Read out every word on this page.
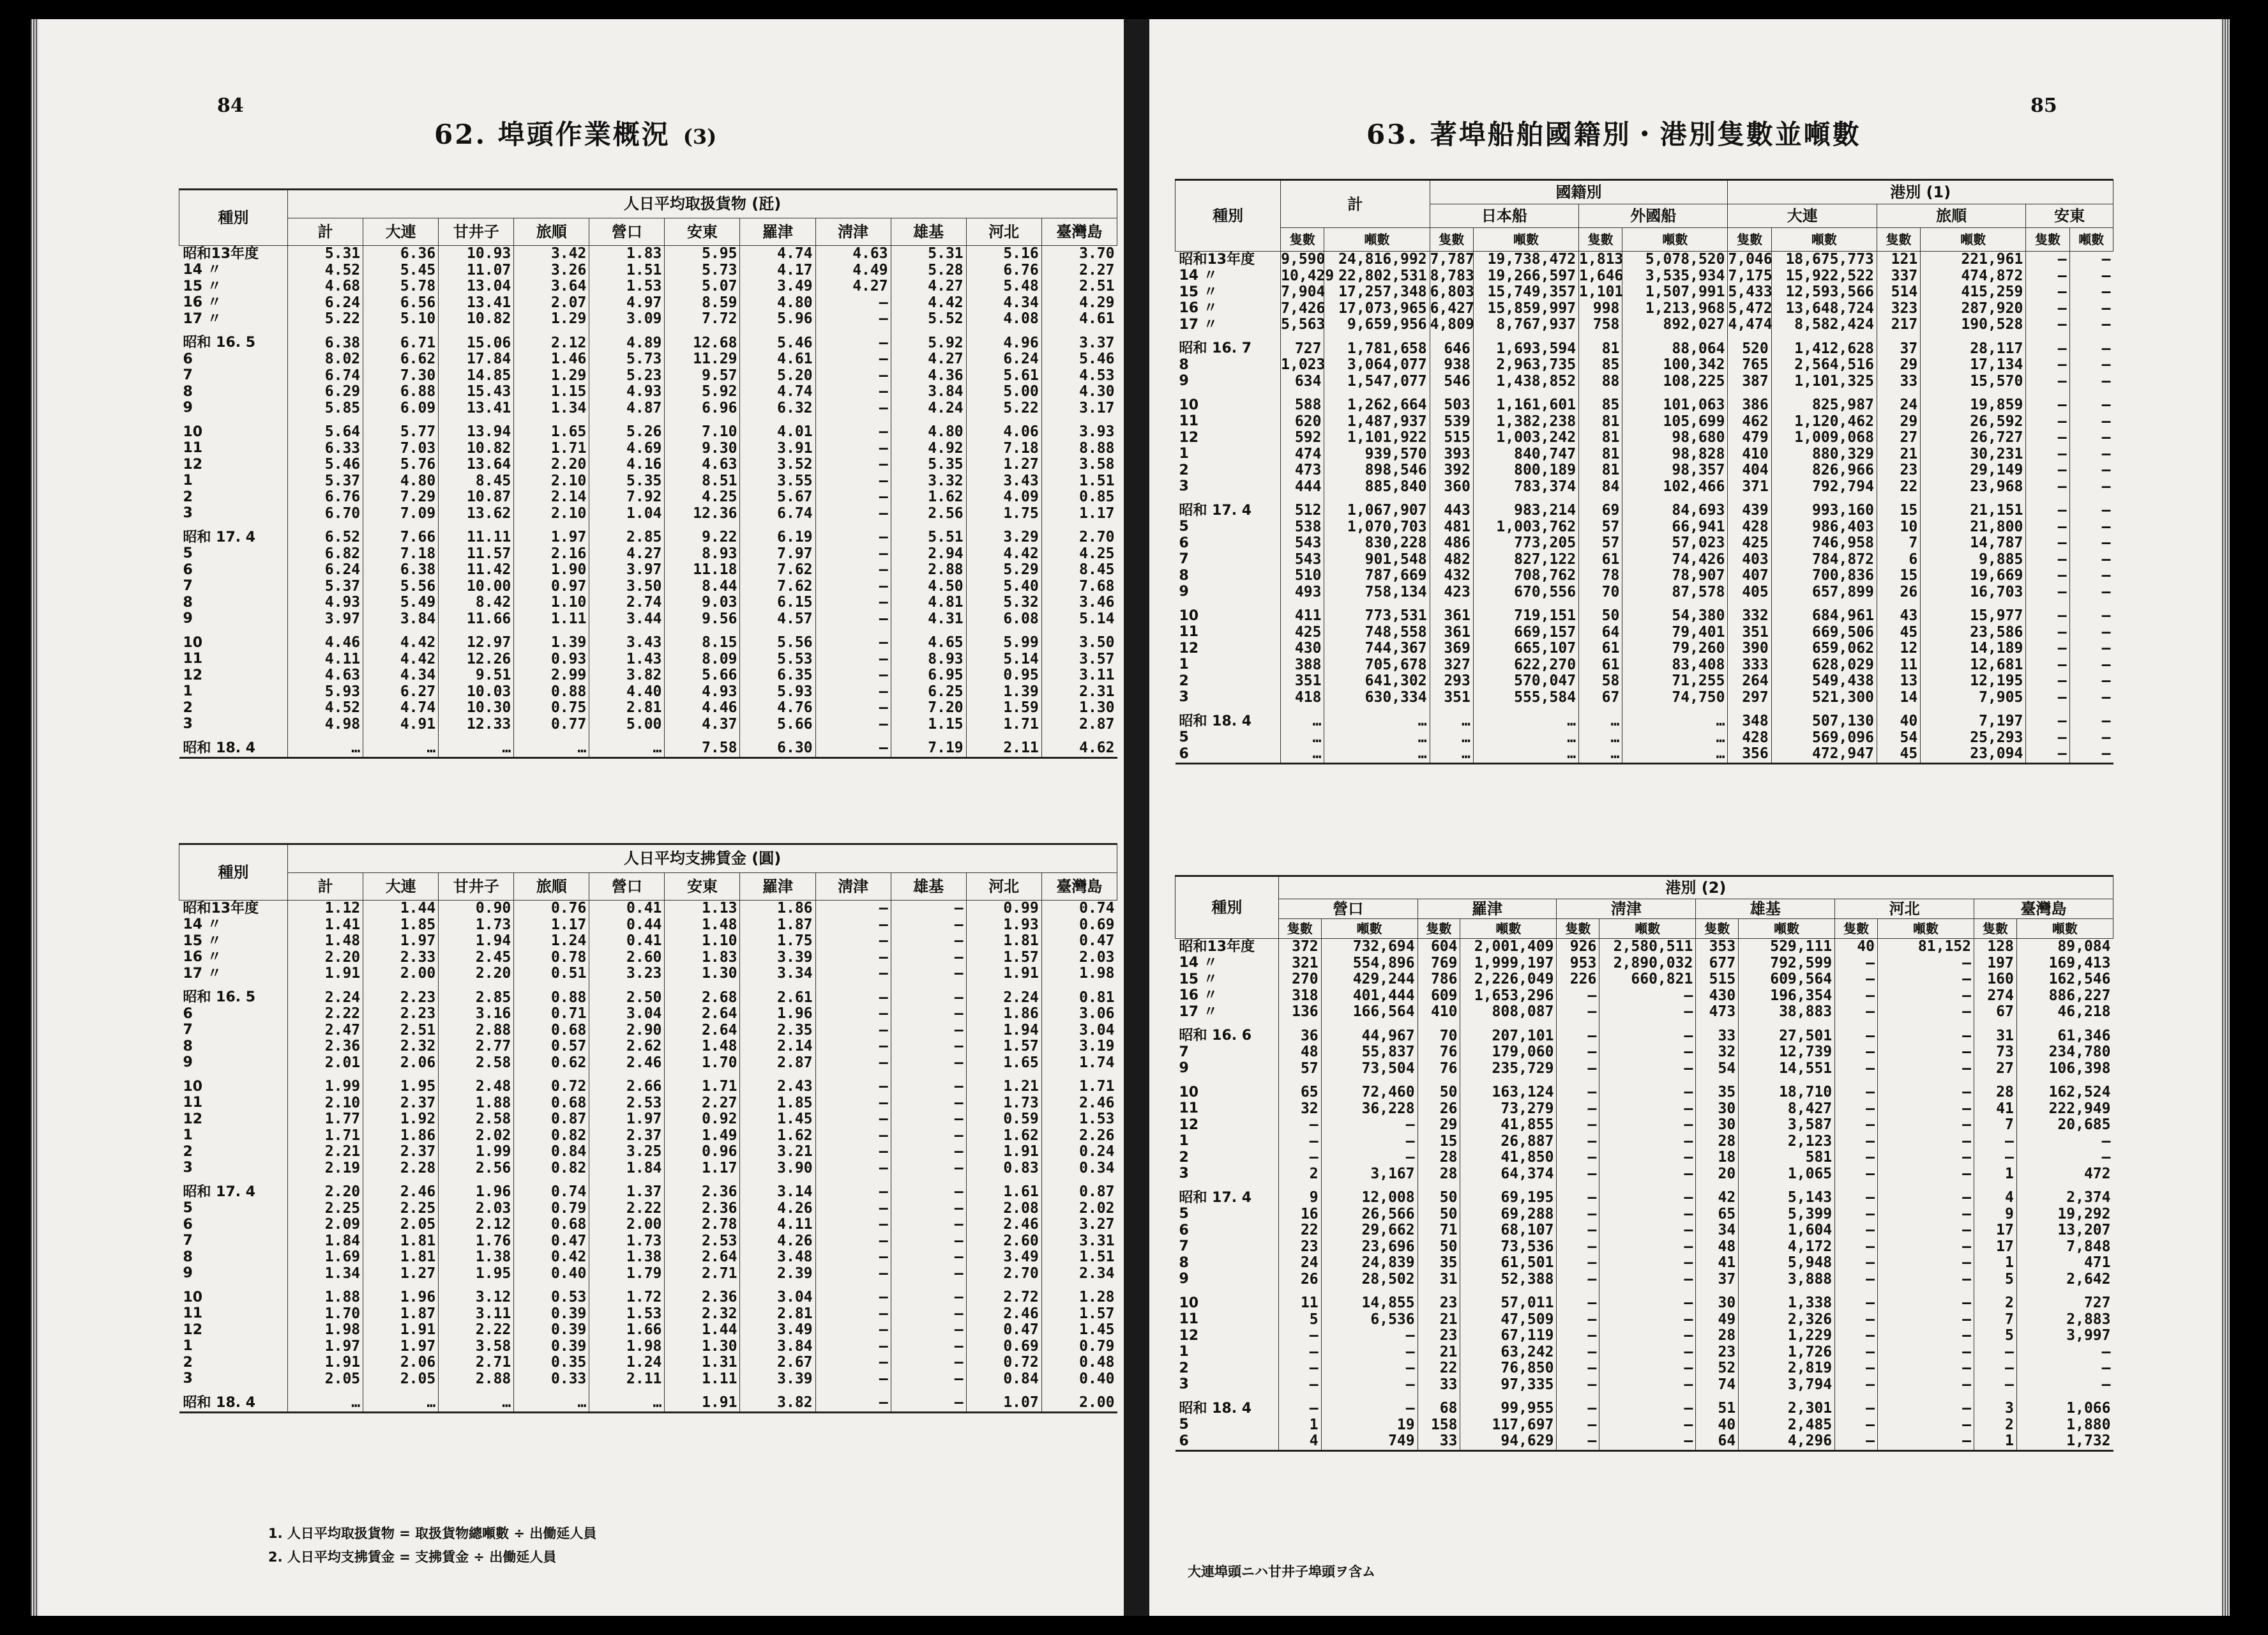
84
62. 埠頭作業概況 (3)
種別	人日平均取扱貨物 (瓩)										
	計	大連	甘井子	旅順	營口	安東	羅津	淸津	雄基	河北	臺灣島
昭和13年度	5.31	6.36	10.93	3.42	1.83	5.95	4.74	4.63	5.31	5.16	3.70
14 〃	4.52	5.45	11.07	3.26	1.51	5.73	4.17	4.49	5.28	6.76	2.27
15 〃	4.68	5.78	13.04	3.64	1.53	5.07	3.49	4.27	4.27	5.48	2.51
16 〃	6.24	6.56	13.41	2.07	4.97	8.59	4.80	—	4.42	4.34	4.29
17 〃	5.22	5.10	10.82	1.29	3.09	7.72	5.96	—	5.52	4.08	4.61

昭和 16. 5	6.38	6.71	15.06	2.12	4.89	12.68	5.46	—	5.92	4.96	3.37
6	8.02	6.62	17.84	1.46	5.73	11.29	4.61	—	4.27	6.24	5.46
7	6.74	7.30	14.85	1.29	5.23	9.57	5.20	—	4.36	5.61	4.53
8	6.29	6.88	15.43	1.15	4.93	5.92	4.74	—	3.84	5.00	4.30
9	5.85	6.09	13.41	1.34	4.87	6.96	6.32	—	4.24	5.22	3.17

10	5.64	5.77	13.94	1.65	5.26	7.10	4.01	—	4.80	4.06	3.93
11	6.33	7.03	10.82	1.71	4.69	9.30	3.91	—	4.92	7.18	8.88
12	5.46	5.76	13.64	2.20	4.16	4.63	3.52	—	5.35	1.27	3.58
1	5.37	4.80	8.45	2.10	5.35	8.51	3.55	—	3.32	3.43	1.51
2	6.76	7.29	10.87	2.14	7.92	4.25	5.67	—	1.62	4.09	0.85
3	6.70	7.09	13.62	2.10	1.04	12.36	6.74	—	2.56	1.75	1.17

昭和 17. 4	6.52	7.66	11.11	1.97	2.85	9.22	6.19	—	5.51	3.29	2.70
5	6.82	7.18	11.57	2.16	4.27	8.93	7.97	—	2.94	4.42	4.25
6	6.24	6.38	11.42	1.90	3.97	11.18	7.62	—	2.88	5.29	8.45
7	5.37	5.56	10.00	0.97	3.50	8.44	7.62	—	4.50	5.40	7.68
8	4.93	5.49	8.42	1.10	2.74	9.03	6.15	—	4.81	5.32	3.46
9	3.97	3.84	11.66	1.11	3.44	9.56	4.57	—	4.31	6.08	5.14

10	4.46	4.42	12.97	1.39	3.43	8.15	5.56	—	4.65	5.99	3.50
11	4.11	4.42	12.26	0.93	1.43	8.09	5.53	—	8.93	5.14	3.57
12	4.63	4.34	9.51	2.99	3.82	5.66	6.35	—	6.95	0.95	3.11
1	5.93	6.27	10.03	0.88	4.40	4.93	5.93	—	6.25	1.39	2.31
2	4.52	4.74	10.30	0.75	2.81	4.46	4.76	—	7.20	1.59	1.30
3	4.98	4.91	12.33	0.77	5.00	4.37	5.66	—	1.15	1.71	2.87

昭和 18. 4	…	…	…	…	…	7.58	6.30	—	7.19	2.11	4.62
種別	人日平均支拂賃金 (圓)										
	計	大連	甘井子	旅順	營口	安東	羅津	淸津	雄基	河北	臺灣島
昭和13年度	1.12	1.44	0.90	0.76	0.41	1.13	1.86	—	—	0.99	0.74
14 〃	1.41	1.85	1.73	1.17	0.44	1.48	1.87	—	—	1.93	0.69
15 〃	1.48	1.97	1.94	1.24	0.41	1.10	1.75	—	—	1.81	0.47
16 〃	2.20	2.33	2.45	0.78	2.60	1.83	3.39	—	—	1.57	2.03
17 〃	1.91	2.00	2.20	0.51	3.23	1.30	3.34	—	—	1.91	1.98

昭和 16. 5	2.24	2.23	2.85	0.88	2.50	2.68	2.61	—	—	2.24	0.81
6	2.22	2.23	3.16	0.71	3.04	2.64	1.96	—	—	1.86	3.06
7	2.47	2.51	2.88	0.68	2.90	2.64	2.35	—	—	1.94	3.04
8	2.36	2.32	2.77	0.57	2.62	1.48	2.14	—	—	1.57	3.19
9	2.01	2.06	2.58	0.62	2.46	1.70	2.87	—	—	1.65	1.74

10	1.99	1.95	2.48	0.72	2.66	1.71	2.43	—	—	1.21	1.71
11	2.10	2.37	1.88	0.68	2.53	2.27	1.85	—	—	1.73	2.46
12	1.77	1.92	2.58	0.87	1.97	0.92	1.45	—	—	0.59	1.53
1	1.71	1.86	2.02	0.82	2.37	1.49	1.62	—	—	1.62	2.26
2	2.21	2.37	1.99	0.84	3.25	0.96	3.21	—	—	1.91	0.24
3	2.19	2.28	2.56	0.82	1.84	1.17	3.90	—	—	0.83	0.34

昭和 17. 4	2.20	2.46	1.96	0.74	1.37	2.36	3.14	—	—	1.61	0.87
5	2.25	2.25	2.03	0.79	2.22	2.36	4.26	—	—	2.08	2.02
6	2.09	2.05	2.12	0.68	2.00	2.78	4.11	—	—	2.46	3.27
7	1.84	1.81	1.76	0.47	1.73	2.53	4.26	—	—	2.60	3.31
8	1.69	1.81	1.38	0.42	1.38	2.64	3.48	—	—	3.49	1.51
9	1.34	1.27	1.95	0.40	1.79	2.71	2.39	—	—	2.70	2.34

10	1.88	1.96	3.12	0.53	1.72	2.36	3.04	—	—	2.72	1.28
11	1.70	1.87	3.11	0.39	1.53	2.32	2.81	—	—	2.46	1.57
12	1.98	1.91	2.22	0.39	1.66	1.44	3.49	—	—	0.47	1.45
1	1.97	1.97	3.58	0.39	1.98	1.30	3.84	—	—	0.69	0.79
2	1.91	2.06	2.71	0.35	1.24	1.31	2.67	—	—	0.72	0.48
3	2.05	2.05	2.88	0.33	2.11	1.11	3.39	—	—	0.84	0.40

昭和 18. 4	…	…	…	…	…	1.91	3.82	—	—	1.07	2.00
1. 人日平均取扱貨物 = 取扱貨物總噸數 ÷ 出働延人員
2. 人日平均支拂賃金 = 支拂賃金 ÷ 出働延人員
85
63. 著埠船舶國籍別・港別隻數並噸數
種別	計		國籍別				港別 (1)					
			日本船		外國船		大連		旅順		安東	
	隻數	噸數	隻數	噸數	隻數	噸數	隻數	噸數	隻數	噸數	隻數	噸數
昭和13年度	9,590	24,816,992	7,787	19,738,472	1,813	5,078,520	7,046	18,675,773	121	221,961	—	—
14 〃	10,429	22,802,531	8,783	19,266,597	1,646	3,535,934	7,175	15,922,522	337	474,872	—	—
15 〃	7,904	17,257,348	6,803	15,749,357	1,101	1,507,991	5,433	12,593,566	514	415,259	—	—
16 〃	7,426	17,073,965	6,427	15,859,997	998	1,213,968	5,472	13,648,724	323	287,920	—	—
17 〃	5,563	9,659,956	4,809	8,767,937	758	892,027	4,474	8,582,424	217	190,528	—	—

昭和 16. 7	727	1,781,658	646	1,693,594	81	88,064	520	1,412,628	37	28,117	—	—
8	1,023	3,064,077	938	2,963,735	85	100,342	765	2,564,516	29	17,134	—	—
9	634	1,547,077	546	1,438,852	88	108,225	387	1,101,325	33	15,570	—	—

10	588	1,262,664	503	1,161,601	85	101,063	386	825,987	24	19,859	—	—
11	620	1,487,937	539	1,382,238	81	105,699	462	1,120,462	29	26,592	—	—
12	592	1,101,922	515	1,003,242	81	98,680	479	1,009,068	27	26,727	—	—
1	474	939,570	393	840,747	81	98,828	410	880,329	21	30,231	—	—
2	473	898,546	392	800,189	81	98,357	404	826,966	23	29,149	—	—
3	444	885,840	360	783,374	84	102,466	371	792,794	22	23,968	—	—

昭和 17. 4	512	1,067,907	443	983,214	69	84,693	439	993,160	15	21,151	—	—
5	538	1,070,703	481	1,003,762	57	66,941	428	986,403	10	21,800	—	—
6	543	830,228	486	773,205	57	57,023	425	746,958	7	14,787	—	—
7	543	901,548	482	827,122	61	74,426	403	784,872	6	9,885	—	—
8	510	787,669	432	708,762	78	78,907	407	700,836	15	19,669	—	—
9	493	758,134	423	670,556	70	87,578	405	657,899	26	16,703	—	—

10	411	773,531	361	719,151	50	54,380	332	684,961	43	15,977	—	—
11	425	748,558	361	669,157	64	79,401	351	669,506	45	23,586	—	—
12	430	744,367	369	665,107	61	79,260	390	659,062	12	14,189	—	—
1	388	705,678	327	622,270	61	83,408	333	628,029	11	12,681	—	—
2	351	641,302	293	570,047	58	71,255	264	549,438	13	12,195	—	—
3	418	630,334	351	555,584	67	74,750	297	521,300	14	7,905	—	—

昭和 18. 4	…	…	…	…	…	…	348	507,130	40	7,197	—	—
5	…	…	…	…	…	…	428	569,096	54	25,293	—	—
6	…	…	…	…	…	…	356	472,947	45	23,094	—	—
種別	港別 (2)											
	營口		羅津		淸津		雄基		河北		臺灣島	
	隻數	噸數	隻數	噸數	隻數	噸數	隻數	噸數	隻數	噸數	隻數	噸數
昭和13年度	372	732,694	604	2,001,409	926	2,580,511	353	529,111	40	81,152	128	89,084
14 〃	321	554,896	769	1,999,197	953	2,890,032	677	792,599	—	—	197	169,413
15 〃	270	429,244	786	2,226,049	226	660,821	515	609,564	—	—	160	162,546
16 〃	318	401,444	609	1,653,296	—	—	430	196,354	—	—	274	886,227
17 〃	136	166,564	410	808,087	—	—	473	38,883	—	—	67	46,218

昭和 16. 6	36	44,967	70	207,101	—	—	33	27,501	—	—	31	61,346
7	48	55,837	76	179,060	—	—	32	12,739	—	—	73	234,780
9	57	73,504	76	235,729	—	—	54	14,551	—	—	27	106,398

10	65	72,460	50	163,124	—	—	35	18,710	—	—	28	162,524
11	32	36,228	26	73,279	—	—	30	8,427	—	—	41	222,949
12	—	—	29	41,855	—	—	30	3,587	—	—	7	20,685
1	—	—	15	26,887	—	—	28	2,123	—	—	—	—
2	—	—	28	41,850	—	—	18	581	—	—	—	—
3	2	3,167	28	64,374	—	—	20	1,065	—	—	1	472

昭和 17. 4	9	12,008	50	69,195	—	—	42	5,143	—	—	4	2,374
5	16	26,566	50	69,288	—	—	65	5,399	—	—	9	19,292
6	22	29,662	71	68,107	—	—	34	1,604	—	—	17	13,207
7	23	23,696	50	73,536	—	—	48	4,172	—	—	17	7,848
8	24	24,839	35	61,501	—	—	41	5,948	—	—	1	471
9	26	28,502	31	52,388	—	—	37	3,888	—	—	5	2,642

10	11	14,855	23	57,011	—	—	30	1,338	—	—	2	727
11	5	6,536	21	47,509	—	—	49	2,326	—	—	7	2,883
12	—	—	23	67,119	—	—	28	1,229	—	—	5	3,997
1	—	—	21	63,242	—	—	23	1,726	—	—	—	—
2	—	—	22	76,850	—	—	52	2,819	—	—	—	—
3	—	—	33	97,335	—	—	74	3,794	—	—	—	—

昭和 18. 4	—	—	68	99,955	—	—	51	2,301	—	—	3	1,066
5	1	19	158	117,697	—	—	40	2,485	—	—	2	1,880
6	4	749	33	94,629	—	—	64	4,296	—	—	1	1,732
大連埠頭ニハ甘井子埠頭ヲ含ム
